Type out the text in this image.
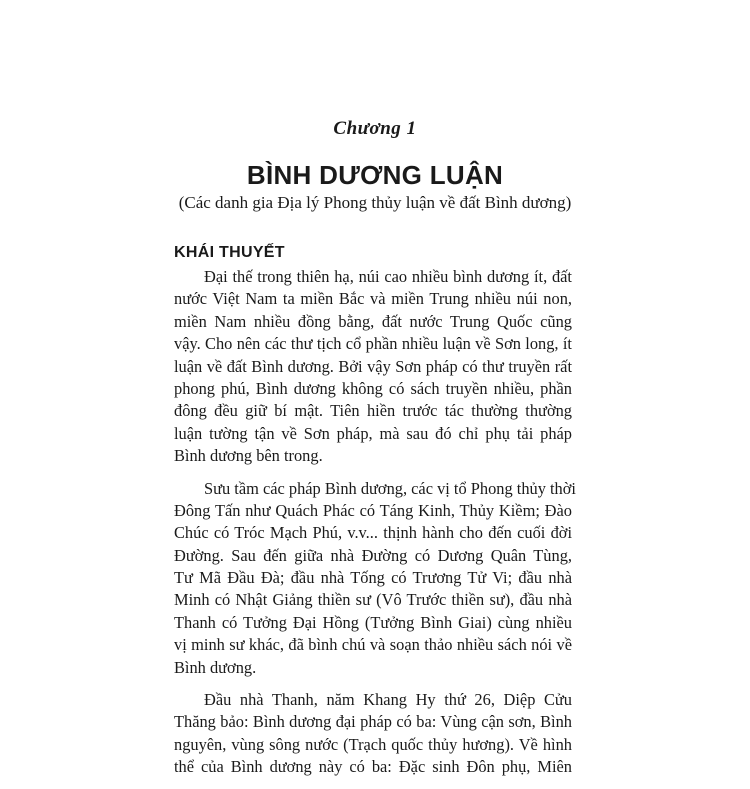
Chương 1
BÌNH DƯƠNG LUẬN
(Các danh gia Địa lý Phong thủy luận về đất Bình dương)
KHÁI THUYẾT
Đại thế trong thiên hạ, núi cao nhiều bình dương ít, đất
nước Việt Nam ta miền Bắc và miền Trung nhiều núi non,
miền Nam nhiều đồng bằng, đất nước Trung Quốc cũng
vậy. Cho nên các thư tịch cổ phần nhiều luận về Sơn long, ít
luận về đất Bình dương. Bởi vậy Sơn pháp có thư truyền rất
phong phú, Bình dương không có sách truyền nhiều, phần
đông đều giữ bí mật. Tiên hiền trước tác thường thường
luận tường tận về Sơn pháp, mà sau đó chỉ phụ tải pháp
Bình dương bên trong.
Sưu tầm các pháp Bình dương, các vị tổ Phong thủy thời
Đông Tấn như Quách Phác có Táng Kinh, Thủy Kiềm; Đào
Chúc có Tróc Mạch Phú, v.v... thịnh hành cho đến cuối đời
Đường. Sau đến giữa nhà Đường có Dương Quân Tùng,
Tư Mã Đầu Đà; đầu nhà Tống có Trương Tử Vi; đầu nhà
Minh có Nhật Giảng thiền sư (Vô Trước thiền sư), đầu nhà
Thanh có Tưởng Đại Hồng (Tưởng Bình Giai) cùng nhiều
vị minh sư khác, đã bình chú và soạn thảo nhiều sách nói về
Bình dương.
Đầu nhà Thanh, năm Khang Hy thứ 26, Diệp Cửu
Thăng bảo: Bình dương đại pháp có ba: Vùng cận sơn, Bình
nguyên, vùng sông nước (Trạch quốc thủy hương). Về hình
thể của Bình dương này có ba: Đặc sinh Đôn phụ, Miên
